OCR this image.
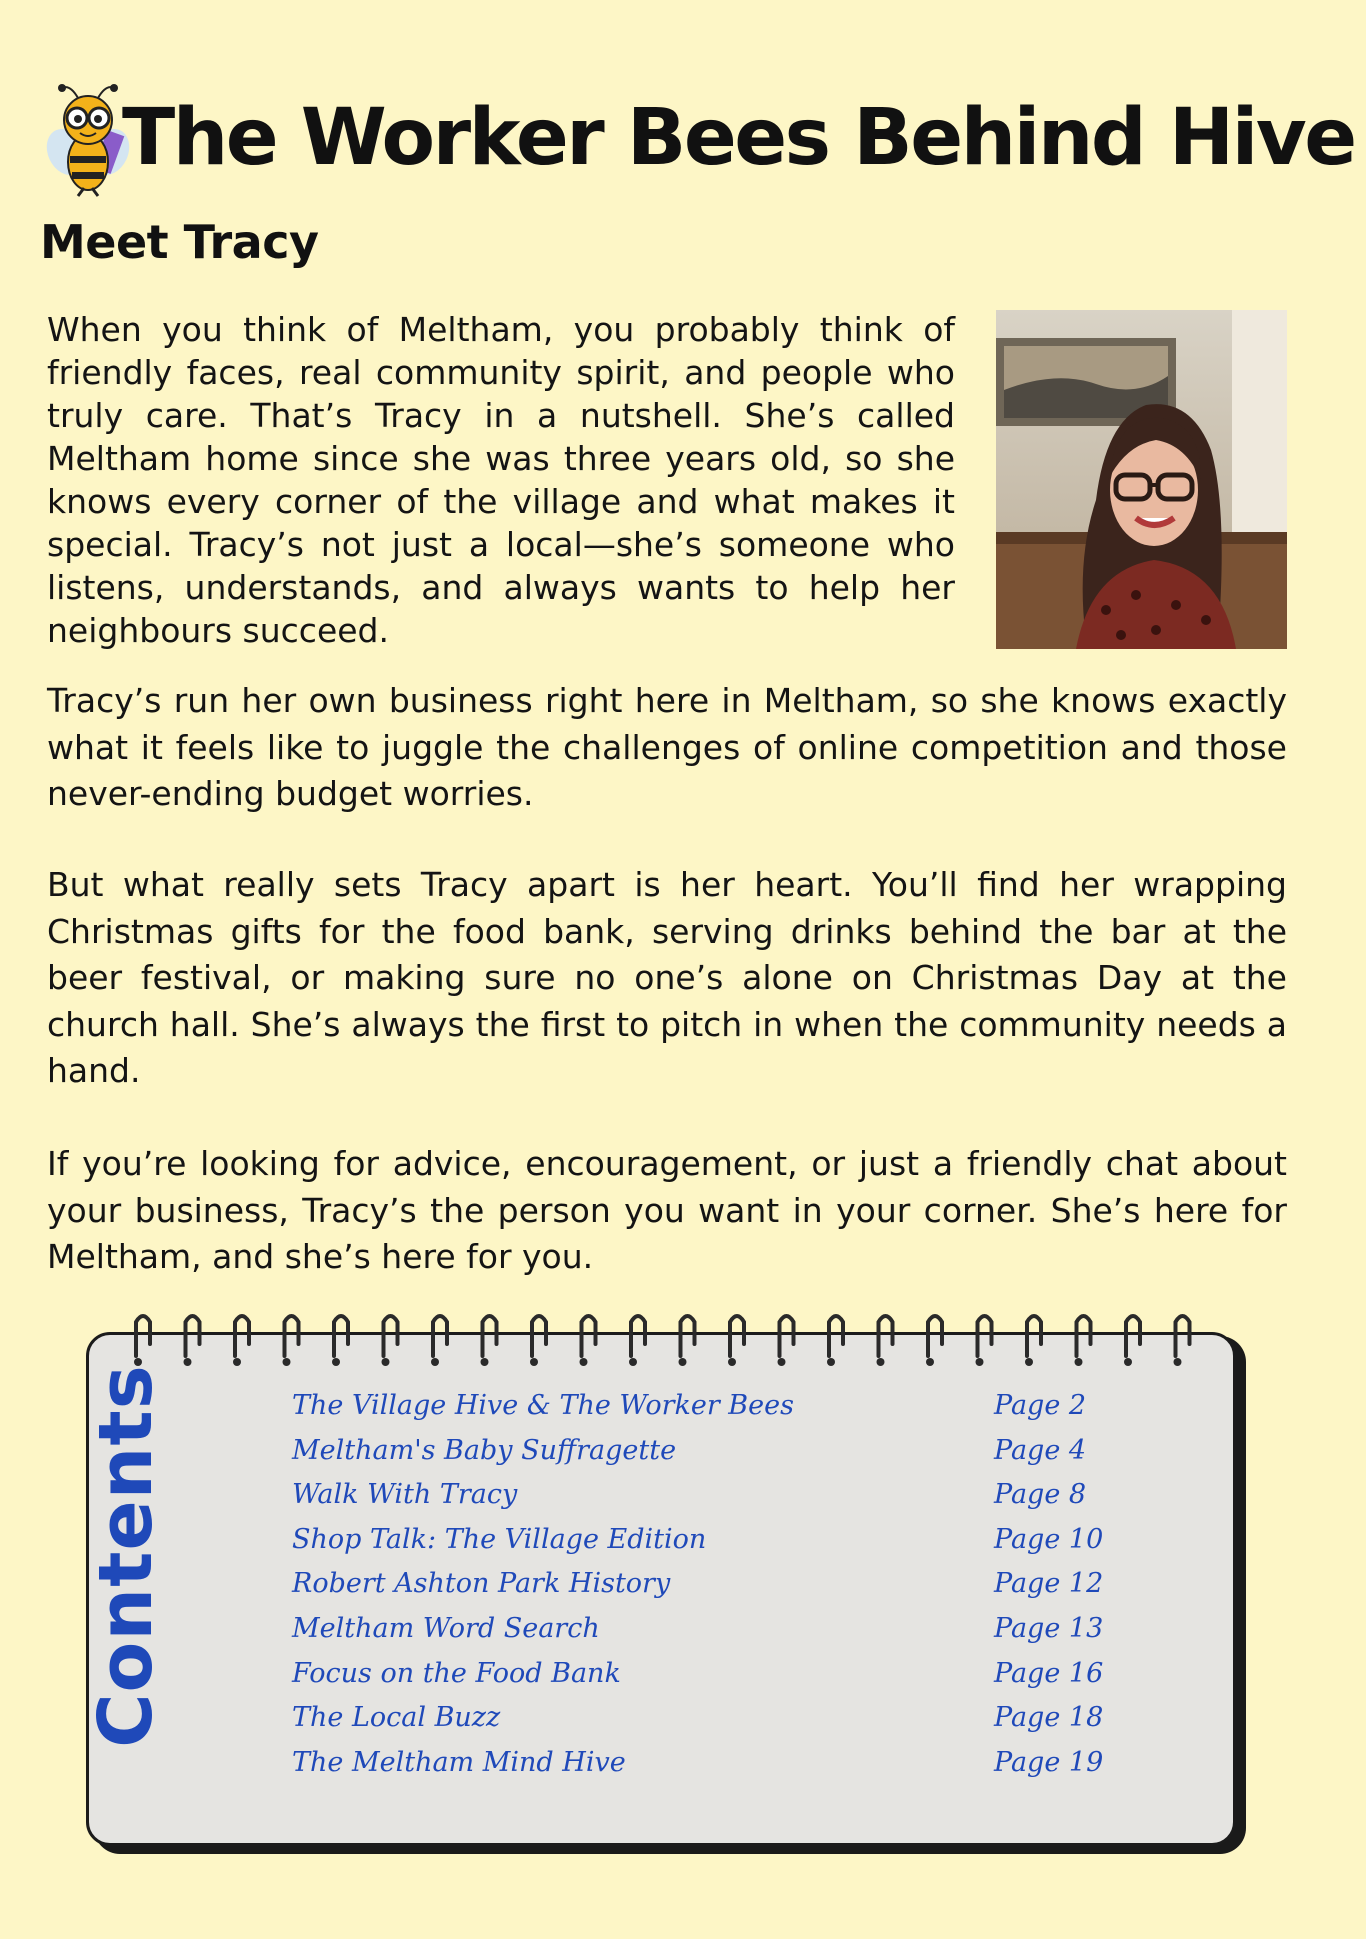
The Worker Bees Behind Hive
Meet Tracy

When you think of Meltham, you probably think of friendly faces, real community spirit, and people who truly care. That’s Tracy in a nutshell. She’s called Meltham home since she was three years old, so she knows every corner of the village and what makes it special. Tracy’s not just a local—she’s someone who listens, understands, and always wants to help her neighbours succeed.

Tracy’s run her own business right here in Meltham, so she knows exactly what it feels like to juggle the challenges of online competition and those never-ending budget worries.

But what really sets Tracy apart is her heart. You’ll find her wrapping Christmas gifts for the food bank, serving drinks behind the bar at the beer festival, or making sure no one’s alone on Christmas Day at the church hall. She’s always the first to pitch in when the community needs a hand.

If you’re looking for advice, encouragement, or just a friendly chat about your business, Tracy’s the person you want in your corner. She’s here for Meltham, and she’s here for you.

Contents	The Village Hive & The Worker Bees	Page 2
Meltham's Baby Suffragette	Page 4
Walk With Tracy	Page 8
Shop Talk: The Village Edition	Page 10
Robert Ashton Park History	Page 12
Meltham Word Search	Page 13
Focus on the Food Bank	Page 16
The Local Buzz	Page 18
The Meltham Mind Hive	Page 19
